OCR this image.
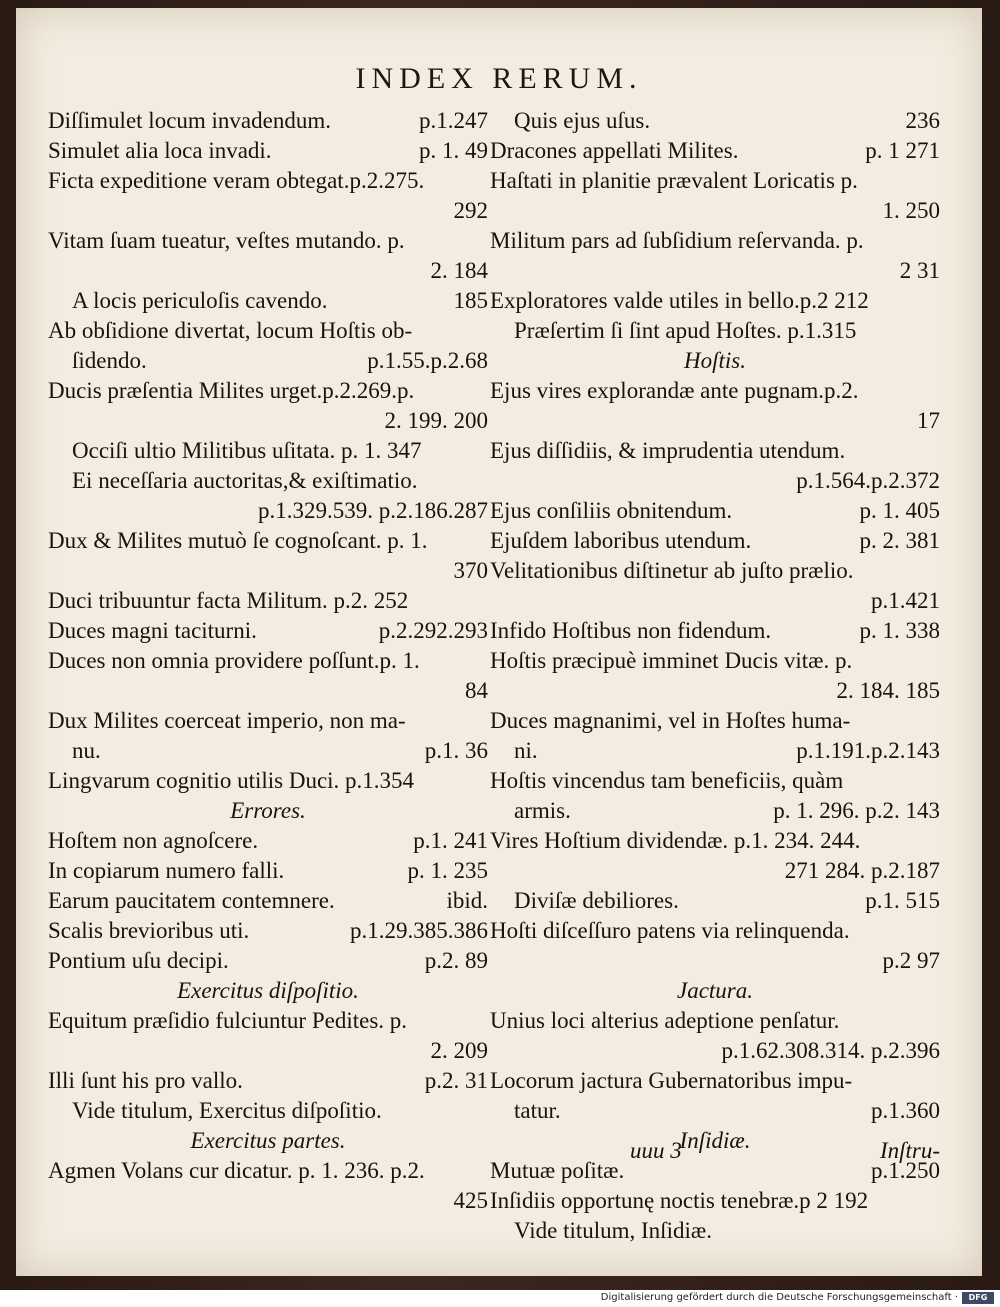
INDEX RERUM.
Diſſimulet locum invadendum.	p.1.247
Simulet alia loca invadi.	p. 1. 49
Ficta expeditione veram obtegat.p.2.275.
292
Vitam ſuam tueatur, veſtes mutando. p.
2. 184
A locis periculoſis cavendo.	185
Ab obſidione divertat, locum Hoſtis ob-
ſidendo.	p.1.55.p.2.68
Ducis præſentia Milites urget.p.2.269.p.
2. 199. 200
Occiſi ultio Militibus uſitata. p. 1. 347
Ei neceſſaria auctoritas,& exiſtimatio.
p.1.329.539. p.2.186.287
Dux & Milites mutuò ſe cognoſcant. p. 1.
370
Duci tribuuntur facta Militum. p.2. 252
Duces magni taciturni.	p.2.292.293
Duces non omnia providere poſſunt.p. 1.
84
Dux Milites coerceat imperio, non ma-
nu.	p.1. 36
Lingvarum cognitio utilis Duci. p.1.354
Errores.
Hoſtem non agnoſcere.	p.1. 241
In copiarum numero falli.	p. 1. 235
Earum paucitatem contemnere.	ibid.
Scalis brevioribus uti.	p.1.29.385.386
Pontium uſu decipi.	p.2. 89
Exercitus diſpoſitio.
Equitum præſidio fulciuntur Pedites. p.
2. 209
Illi ſunt his pro vallo.	p.2. 31
Vide titulum, Exercitus diſpoſitio.
Exercitus partes.
Agmen Volans cur dicatur. p. 1. 236. p.2.
425
Quis ejus uſus.	236
Dracones appellati Milites.	p. 1 271
Haſtati in planitie prævalent Loricatis p.
1. 250
Militum pars ad ſubſidium reſervanda. p.
2 31
Exploratores valde utiles in bello.p.2 212
Præſertim ſi ſint apud Hoſtes. p.1.315
Hoſtis.
Ejus vires explorandæ ante pugnam.p.2.
17
Ejus diſſidiis, & imprudentia utendum.
p.1.564.p.2.372
Ejus conſiliis obnitendum.	p. 1. 405
Ejuſdem laboribus utendum.	p. 2. 381
Velitationibus diſtinetur ab juſto prælio.
p.1.421
Infido Hoſtibus non fidendum.	p. 1. 338
Hoſtis præcipuè imminet Ducis vitæ. p.
2. 184. 185
Duces magnanimi, vel in Hoſtes huma-
ni.	p.1.191.p.2.143
Hoſtis vincendus tam beneficiis, quàm
armis.	p. 1. 296. p.2. 143
Vires Hoſtium dividendæ. p.1. 234. 244.
271 284. p.2.187
Diviſæ debiliores.	p.1. 515
Hoſti diſceſſuro patens via relinquenda.
p.2 97
Jactura.
Unius loci alterius adeptione penſatur.
p.1.62.308.314. p.2.396
Locorum jactura Gubernatoribus impu-
tatur.	p.1.360
Inſidiæ.
Mutuæ poſitæ.	p.1.250
Inſidiis opportunę noctis tenebræ.p 2 192
Vide titulum, Inſidiæ.
uuu 3	Inſtru-
Digitalisierung gefördert durch die Deutsche Forschungsgemeinschaft ·	DFG
